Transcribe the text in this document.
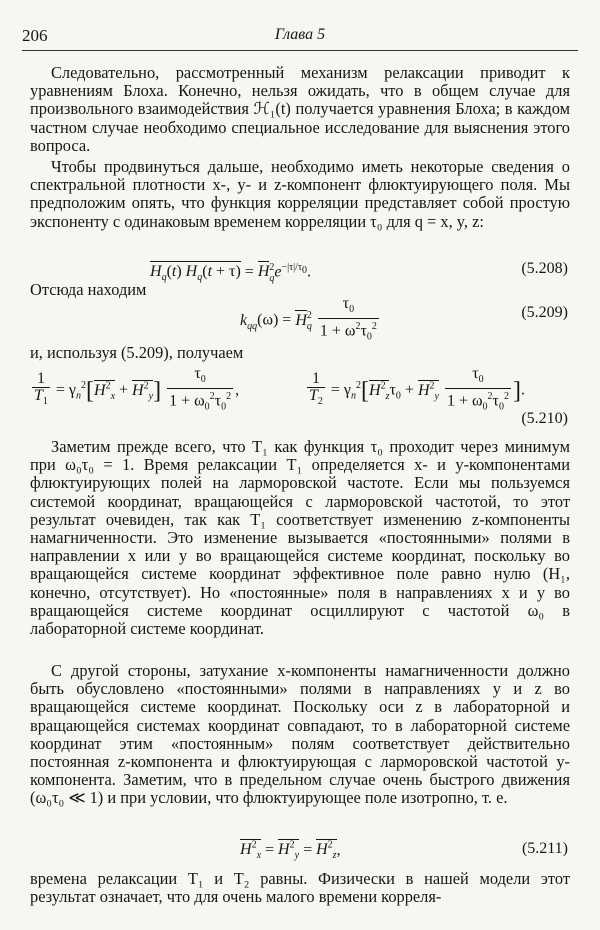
206	Глава 5

Следовательно, рассмотренный механизм релаксации приводит к уравнениям Блоха. Конечно, нельзя ожидать, что в общем случае для произвольного взаимодействия ℋ₁(t) получается уравнения Блоха; в каждом частном случае необходимо специальное исследование для выяснения этого вопроса.

Чтобы продвинуться дальше, необходимо иметь некоторые сведения о спектральной плотности x-, y- и z-компонент флюктуирующего поля. Мы предположим опять, что функция корреляции представляет собой простую экспоненту с одинаковым временем корреляции τ₀ для q = x, y, z:

$H_q(t) H_q(t + \tau) = H^2_qe^{-|\tau|/\tau_0}$.	(5.208)
Отсюда находим
$k_{qq}(\omega) = H^2_q \frac{\tau_0}{1 + \omega^2\tau_0^2}$	(5.209)
и, используя (5.209), получаем
$\frac{1}{T_1} = \gamma_n^2[H^2_x + H^2_y] \frac{\tau_0}{1 + \omega_0^2\tau_0^2}$ ,	$\frac{1}{T_2} = \gamma_n^2[H^2_z\tau_0 + H^2_y \frac{\tau_0}{1 + \omega_0^2\tau_0^2}$ ].
(5.210)

Заметим прежде всего, что T₁ как функция τ₀ проходит через минимум при ω₀τ₀ = 1. Время релаксации T₁ определяется x- и y-компонентами флюктуирующих полей на ларморовской частоте. Если мы пользуемся системой координат, вращающейся с ларморовской частотой, то этот результат очевиден, так как T₁ соответствует изменению z-компоненты намагниченности. Это изменение вызывается «постоянными» полями в направлении x или y во вращающейся системе координат, поскольку во вращающейся системе координат эффективное поле равно нулю (H₁, конечно, отсутствует). Но «постоянные» поля в направлениях x и y во вращающейся системе координат осциллируют с частотой ω₀ в лабораторной системе координат.

С другой стороны, затухание x-компоненты намагниченности должно быть обусловлено «постоянными» полями в направлениях y и z во вращающейся системе координат. Поскольку оси z в лабораторной и вращающейся системах координат совпадают, то в лабораторной системе координат этим «постоянным» полям соответствует действительно постоянная z-компонента и флюктуирующая с ларморовской частотой y-компонента. Заметим, что в предельном случае очень быстрого движения (ω₀τ₀ ≪ 1) и при условии, что флюктуирующее поле изотропно, т. е.

$H^2_x = H^2_y = H^2_z$,	(5.211)

времена релаксации T₁ и T₂ равны. Физически в нашей модели этот результат означает, что для очень малого времени корреля-
